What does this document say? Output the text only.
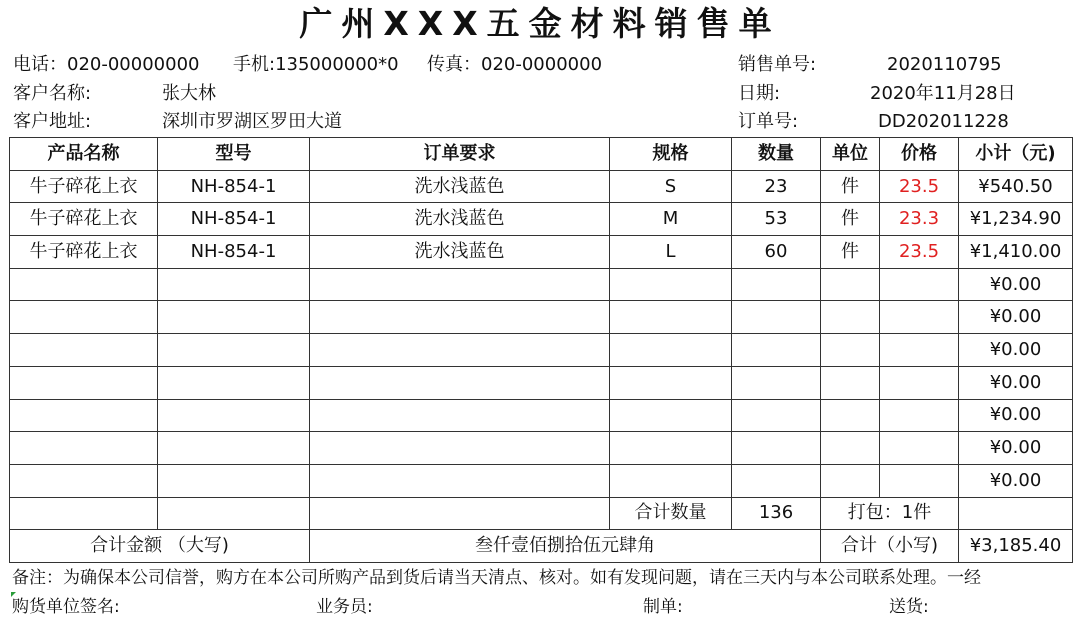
广州XXX五金材料销售单
电话：020-00000000	手机:135000000*0	传真：020-0000000	销售单号:	2020110795
客户名称:	张大林	日期:	2020年11月28日
客户地址:	深圳市罗湖区罗田大道	订单号:	DD202011228
产品名称	型号	订单要求	规格	数量	单位	价格	小计（元)
牛子碎花上衣	NH-854-1	洗水浅蓝色	S	23	件	23.5	¥540.50
牛子碎花上衣	NH-854-1	洗水浅蓝色	M	53	件	23.3	¥1,234.90
牛子碎花上衣	NH-854-1	洗水浅蓝色	L	60	件	23.5	¥1,410.00
							¥0.00
							¥0.00
							¥0.00
							¥0.00
							¥0.00
							¥0.00
							¥0.00
			合计数量	136	打包：1件		
合计金额 （大写)		叁仟壹佰捌拾伍元肆角			合计（小写)		¥3,185.40
备注：为确保本公司信誉，购方在本公司所购产品到货后请当天清点、核对。如有发现问题，请在三天内与本公司联系处理。一经
购货单位签名:	业务员:	制单:	送货:
